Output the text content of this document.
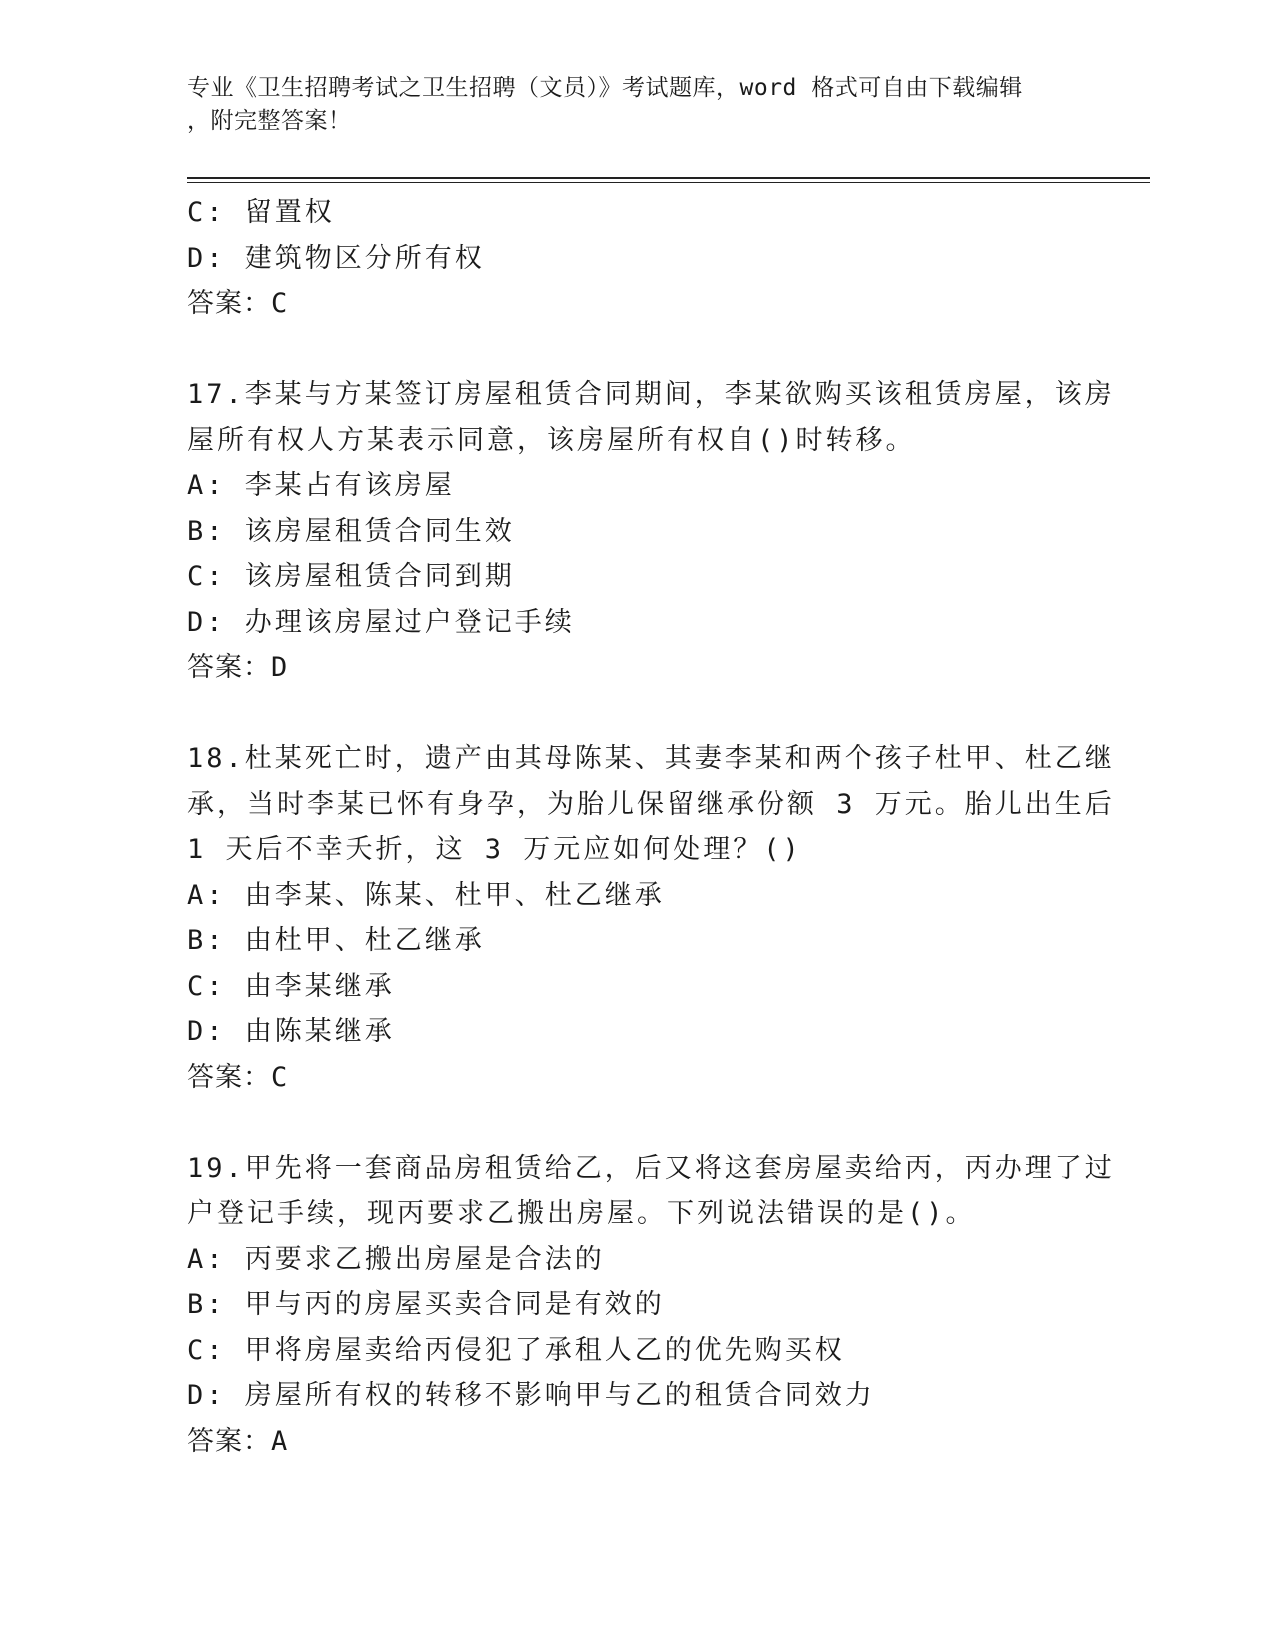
专业《卫生招聘考试之卫生招聘（文员）》考试题库，word 格式可自由下载编辑
，附完整答案！
C: 留置权
D: 建筑物区分所有权
答案：C
17.李某与方某签订房屋租赁合同期间，李某欲购买该租赁房屋，该房
屋所有权人方某表示同意，该房屋所有权自()时转移。
A: 李某占有该房屋
B: 该房屋租赁合同生效
C: 该房屋租赁合同到期
D: 办理该房屋过户登记手续
答案：D
18.杜某死亡时，遗产由其母陈某、其妻李某和两个孩子杜甲、杜乙继
承，当时李某已怀有身孕，为胎儿保留继承份额 3 万元。胎儿出生后
1 天后不幸夭折，这 3 万元应如何处理？()
A: 由李某、陈某、杜甲、杜乙继承
B: 由杜甲、杜乙继承
C: 由李某继承
D: 由陈某继承
答案：C
19.甲先将一套商品房租赁给乙，后又将这套房屋卖给丙，丙办理了过
户登记手续，现丙要求乙搬出房屋。下列说法错误的是()。
A: 丙要求乙搬出房屋是合法的
B: 甲与丙的房屋买卖合同是有效的
C: 甲将房屋卖给丙侵犯了承租人乙的优先购买权
D: 房屋所有权的转移不影响甲与乙的租赁合同效力
答案：A
